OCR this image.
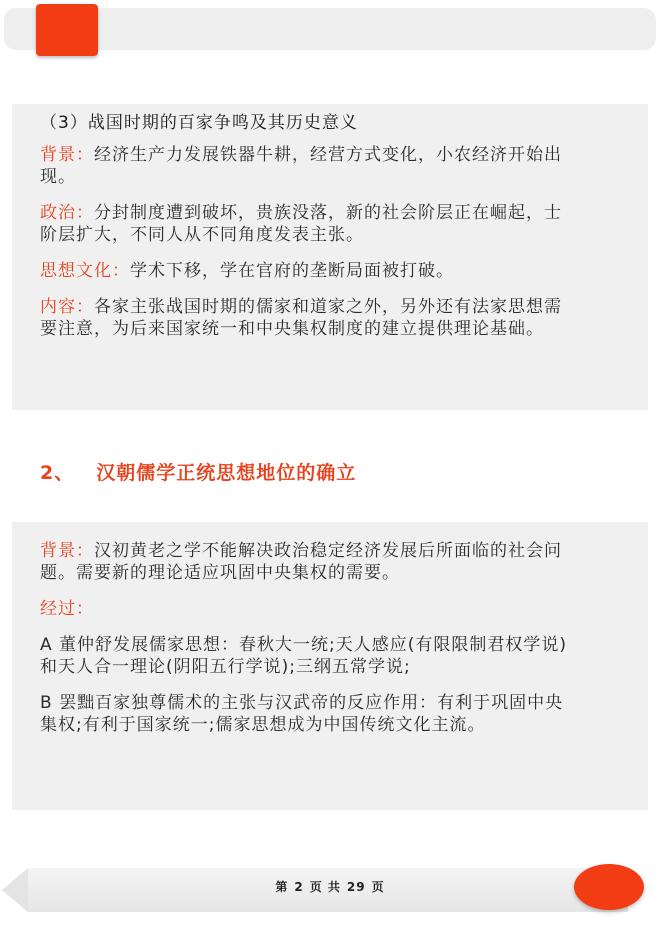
（3）战国时期的百家争鸣及其历史意义

背景：经济生产力发展铁器牛耕，经营方式变化，小农经济开始出

现。

政治：分封制度遭到破坏，贵族没落，新的社会阶层正在崛起，士

阶层扩大，不同人从不同角度发表主张。

思想文化：学术下移，学在官府的垄断局面被打破。

内容：各家主张战国时期的儒家和道家之外，另外还有法家思想需

要注意，为后来国家统一和中央集权制度的建立提供理论基础。

2、 汉朝儒学正统思想地位的确立

背景：汉初黄老之学不能解决政治稳定经济发展后所面临的社会问

题。需要新的理论适应巩固中央集权的需要。

经过：

A 董仲舒发展儒家思想：春秋大一统;天人感应(有限限制君权学说)

和天人合一理论(阴阳五行学说);三纲五常学说;

B 罢黜百家独尊儒术的主张与汉武帝的反应作用：有利于巩固中央

集权;有利于国家统一;儒家思想成为中国传统文化主流。

第 2 页 共 29 页
